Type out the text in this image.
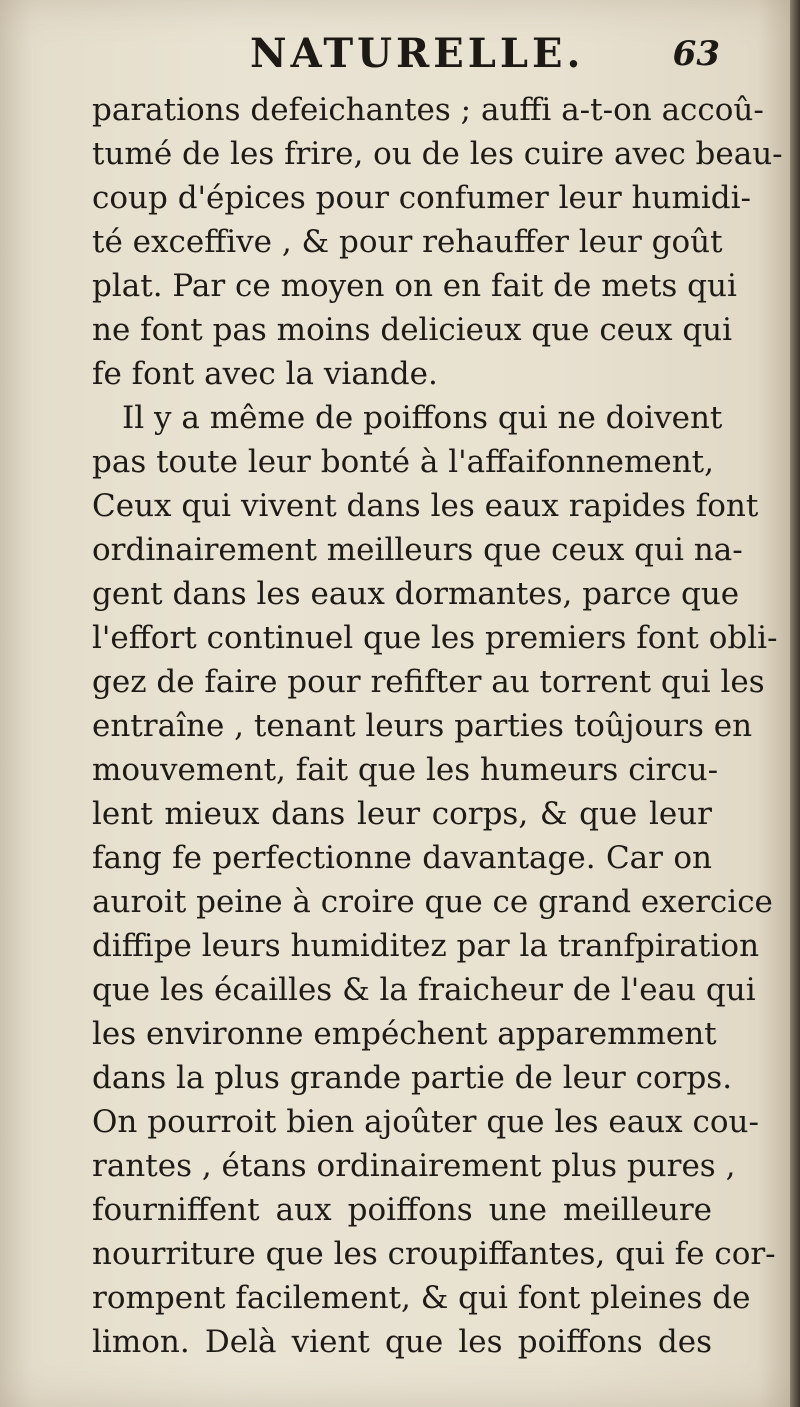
NATURELLE.	63
parations defeichantes ; auffi a-t-on accoû-
tumé de les frire, ou de les cuire avec beau-
coup d'épices pour confumer leur humidi-
té exceffive , & pour rehauffer leur goût
plat. Par ce moyen on en fait de mets qui
ne font pas moins delicieux que ceux qui
fe font avec la viande.
Il y a même de poiffons qui ne doivent
pas toute leur bonté à l'affaifonnement,
Ceux qui vivent dans les eaux rapides font
ordinairement meilleurs que ceux qui na-
gent dans les eaux dormantes, parce que
l'effort continuel que les premiers font obli-
gez de faire pour refifter au torrent qui les
entraîne , tenant leurs parties toûjours en
mouvement, fait que les humeurs circu-
lent mieux dans leur corps, & que leur
fang fe perfectionne davantage. Car on
auroit peine à croire que ce grand exercice
diffipe leurs humiditez par la tranfpiration
que les écailles & la fraicheur de l'eau qui
les environne empéchent apparemment
dans la plus grande partie de leur corps.
On pourroit bien ajoûter que les eaux cou-
rantes , étans ordinairement plus pures ,
fourniffent aux poiffons une meilleure
nourriture que les croupiffantes, qui fe cor-
rompent facilement, & qui font pleines de
limon. Delà vient que les poiffons des
